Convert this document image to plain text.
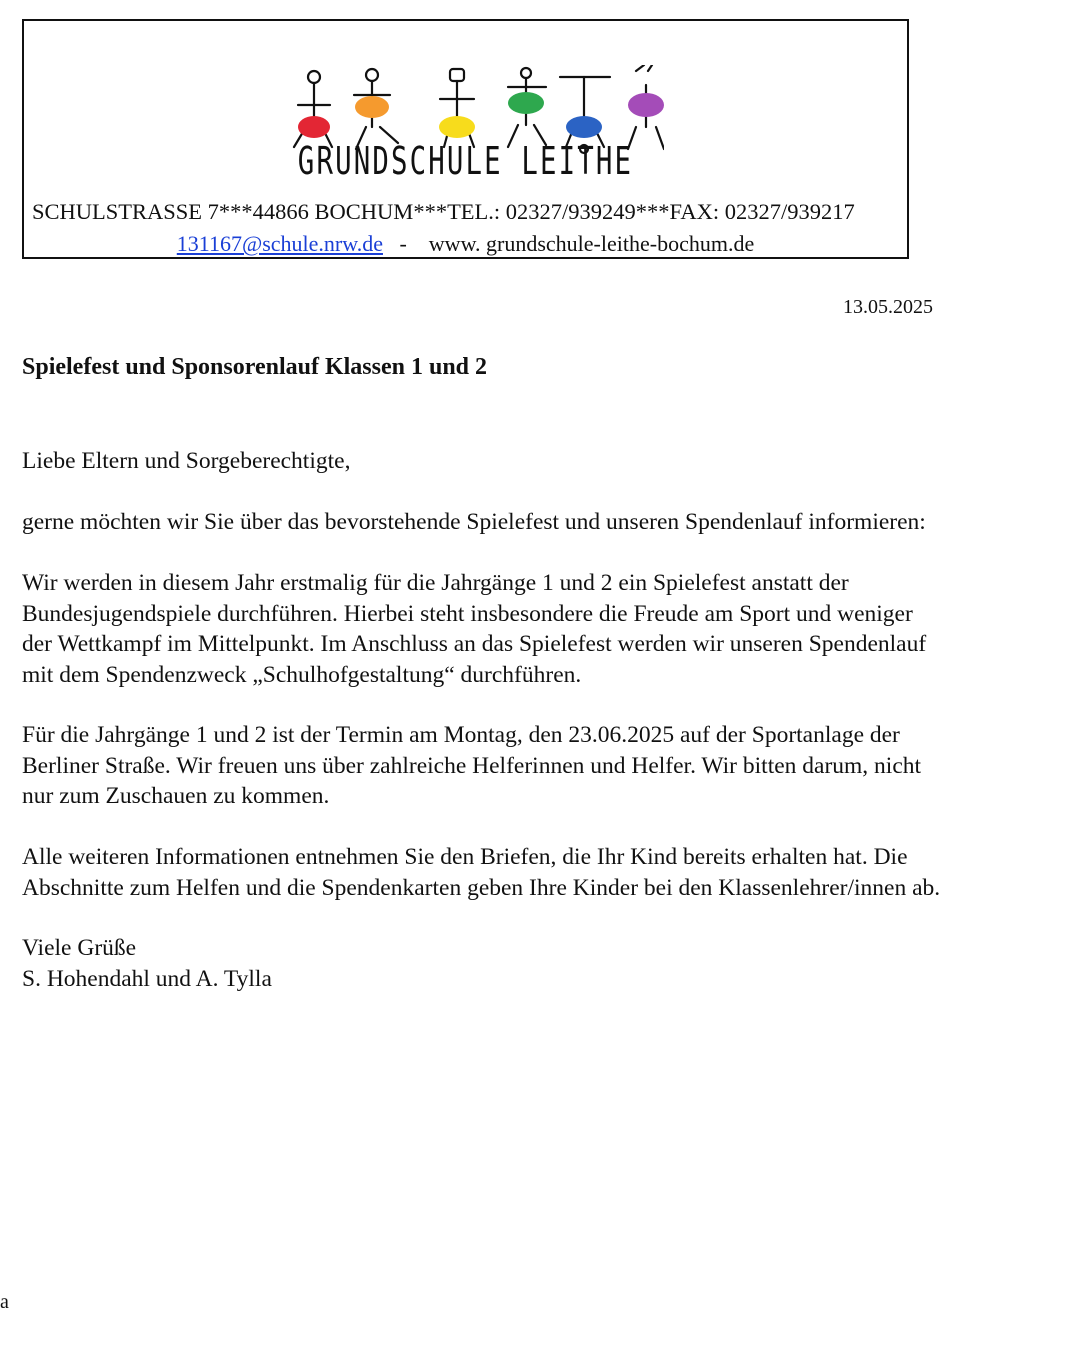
GRUNDSCHULE LEITHE
SCHULSTRASSE 7***44866 BOCHUM***TEL.: 02327/939249***FAX: 02327/939217
131167@schule.nrw.de - www. grundschule-leithe-bochum.de
13.05.2025
Spielefest und Sponsorenlauf Klassen 1 und 2
Liebe Eltern und Sorgeberechtigte,
gerne möchten wir Sie über das bevorstehende Spielefest und unseren Spendenlauf informieren:
Wir werden in diesem Jahr erstmalig für die Jahrgänge 1 und 2 ein Spielefest anstatt der
Bundesjugendspiele durchführen. Hierbei steht insbesondere die Freude am Sport und weniger
der Wettkampf im Mittelpunkt. Im Anschluss an das Spielefest werden wir unseren Spendenlauf
mit dem Spendenzweck „Schulhofgestaltung“ durchführen.
Für die Jahrgänge 1 und 2 ist der Termin am Montag, den 23.06.2025 auf der Sportanlage der
Berliner Straße. Wir freuen uns über zahlreiche Helferinnen und Helfer. Wir bitten darum, nicht
nur zum Zuschauen zu kommen.
Alle weiteren Informationen entnehmen Sie den Briefen, die Ihr Kind bereits erhalten hat. Die
Abschnitte zum Helfen und die Spendenkarten geben Ihre Kinder bei den Klassenlehrer/innen ab.
Viele Grüße
S. Hohendahl und A. Tylla
a
